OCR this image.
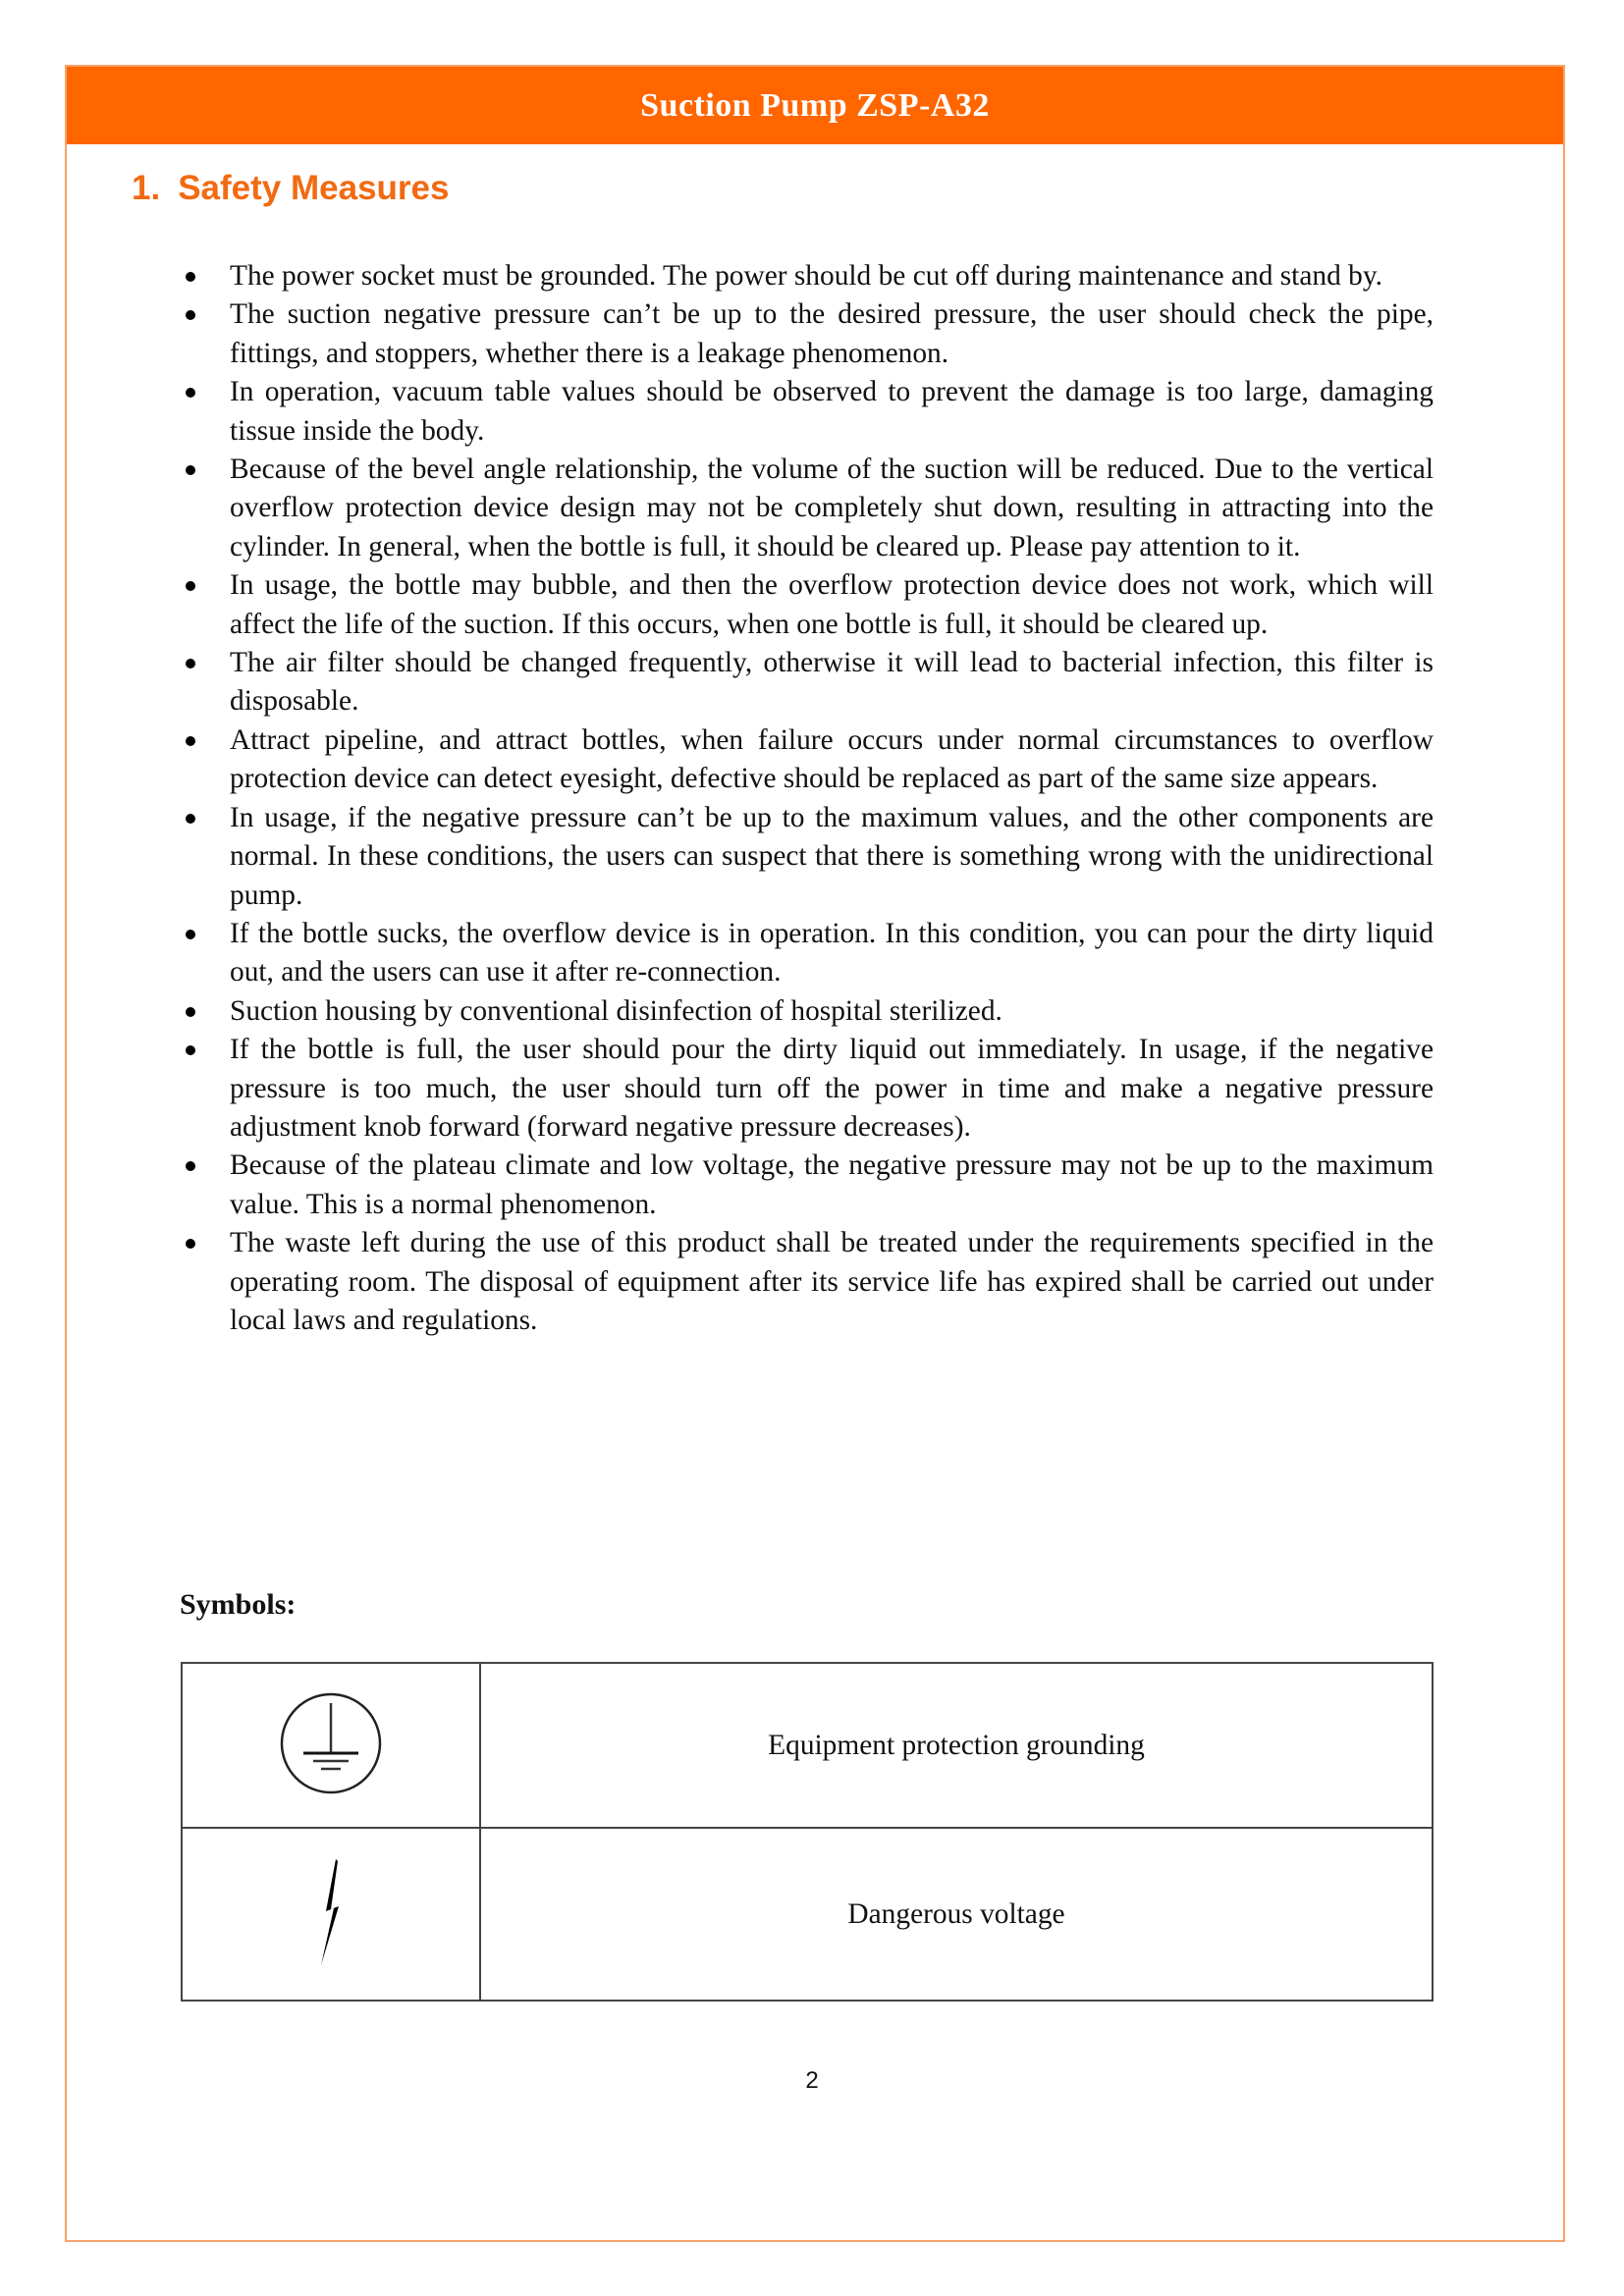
Suction Pump ZSP-A32
1. Safety Measures
The power socket must be grounded. The power should be cut off during maintenance and stand by.
The suction negative pressure can’t be up to the desired pressure, the user should check the pipe, fittings, and stoppers, whether there is a leakage phenomenon.
In operation, vacuum table values should be observed to prevent the damage is too large, damaging tissue inside the body.
Because of the bevel angle relationship, the volume of the suction will be reduced. Due to the vertical overflow protection device design may not be completely shut down, resulting in attracting into the cylinder. In general, when the bottle is full, it should be cleared up. Please pay attention to it.
In usage, the bottle may bubble, and then the overflow protection device does not work, which will affect the life of the suction. If this occurs, when one bottle is full, it should be cleared up.
The air filter should be changed frequently, otherwise it will lead to bacterial infection, this filter is disposable.
Attract pipeline, and attract bottles, when failure occurs under normal circumstances to overflow protection device can detect eyesight, defective should be replaced as part of the same size appears.
In usage, if the negative pressure can’t be up to the maximum values, and the other components are normal. In these conditions, the users can suspect that there is something wrong with the unidirectional pump.
If the bottle sucks, the overflow device is in operation. In this condition, you can pour the dirty liquid out, and the users can use it after re-connection.
Suction housing by conventional disinfection of hospital sterilized.
If the bottle is full, the user should pour the dirty liquid out immediately. In usage, if the negative pressure is too much, the user should turn off the power in time and make a negative pressure adjustment knob forward (forward negative pressure decreases).
Because of the plateau climate and low voltage, the negative pressure may not be up to the maximum value. This is a normal phenomenon.
The waste left during the use of this product shall be treated under the requirements specified in the operating room. The disposal of equipment after its service life has expired shall be carried out under local laws and regulations.
Symbols:
	Equipment protection grounding
	Dangerous voltage
2
